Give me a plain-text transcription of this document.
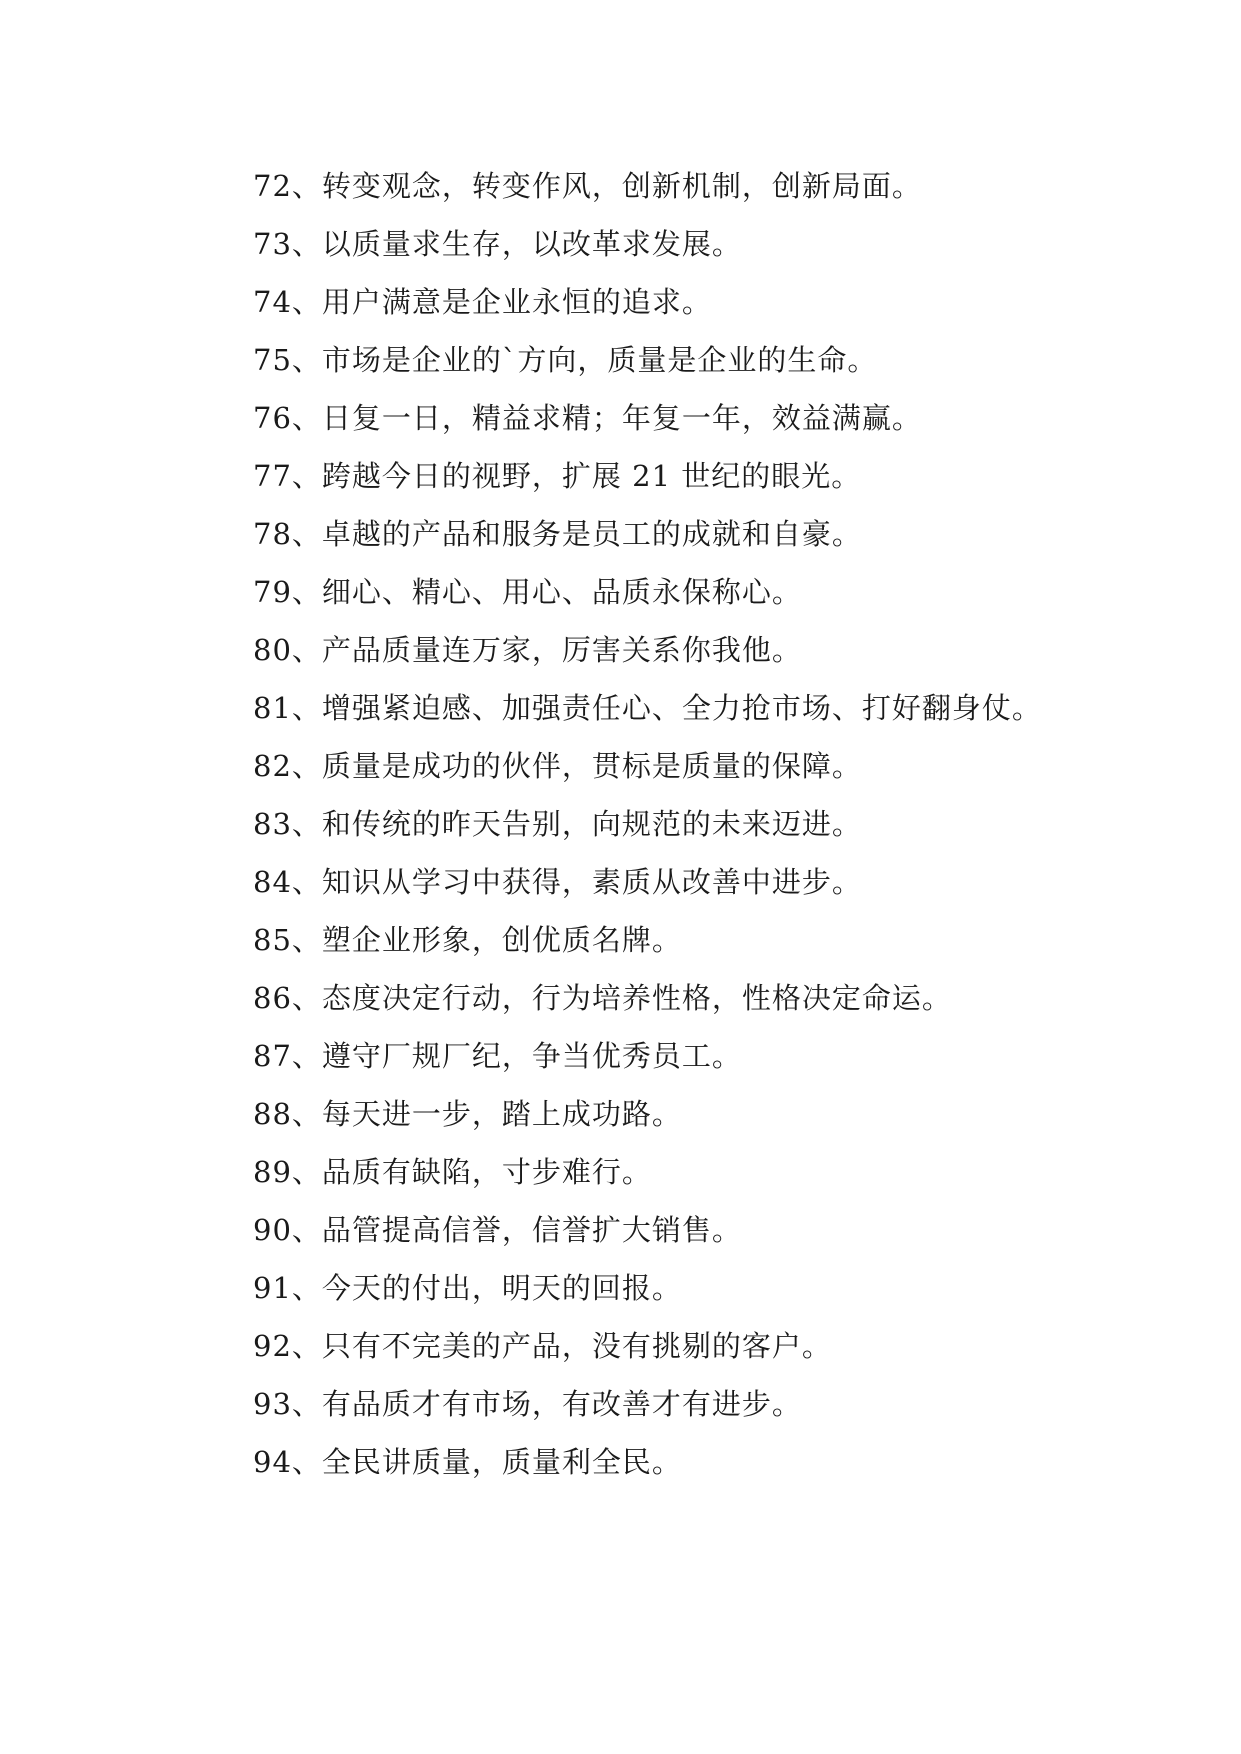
72、转变观念，转变作风，创新机制，创新局面。

73、以质量求生存，以改革求发展。

74、用户满意是企业永恒的追求。

75、市场是企业的`方向，质量是企业的生命。

76、日复一日，精益求精；年复一年，效益满赢。

77、跨越今日的视野，扩展 21 世纪的眼光。

78、卓越的产品和服务是员工的成就和自豪。

79、细心、精心、用心、品质永保称心。

80、产品质量连万家，厉害关系你我他。

81、增强紧迫感、加强责任心、全力抢市场、打好翻身仗。

82、质量是成功的伙伴，贯标是质量的保障。

83、和传统的昨天告别，向规范的未来迈进。

84、知识从学习中获得，素质从改善中进步。

85、塑企业形象，创优质名牌。

86、态度决定行动，行为培养性格，性格决定命运。

87、遵守厂规厂纪，争当优秀员工。

88、每天进一步，踏上成功路。

89、品质有缺陷，寸步难行。

90、品管提高信誉，信誉扩大销售。

91、今天的付出，明天的回报。

92、只有不完美的产品，没有挑剔的客户。

93、有品质才有市场，有改善才有进步。

94、全民讲质量，质量利全民。
